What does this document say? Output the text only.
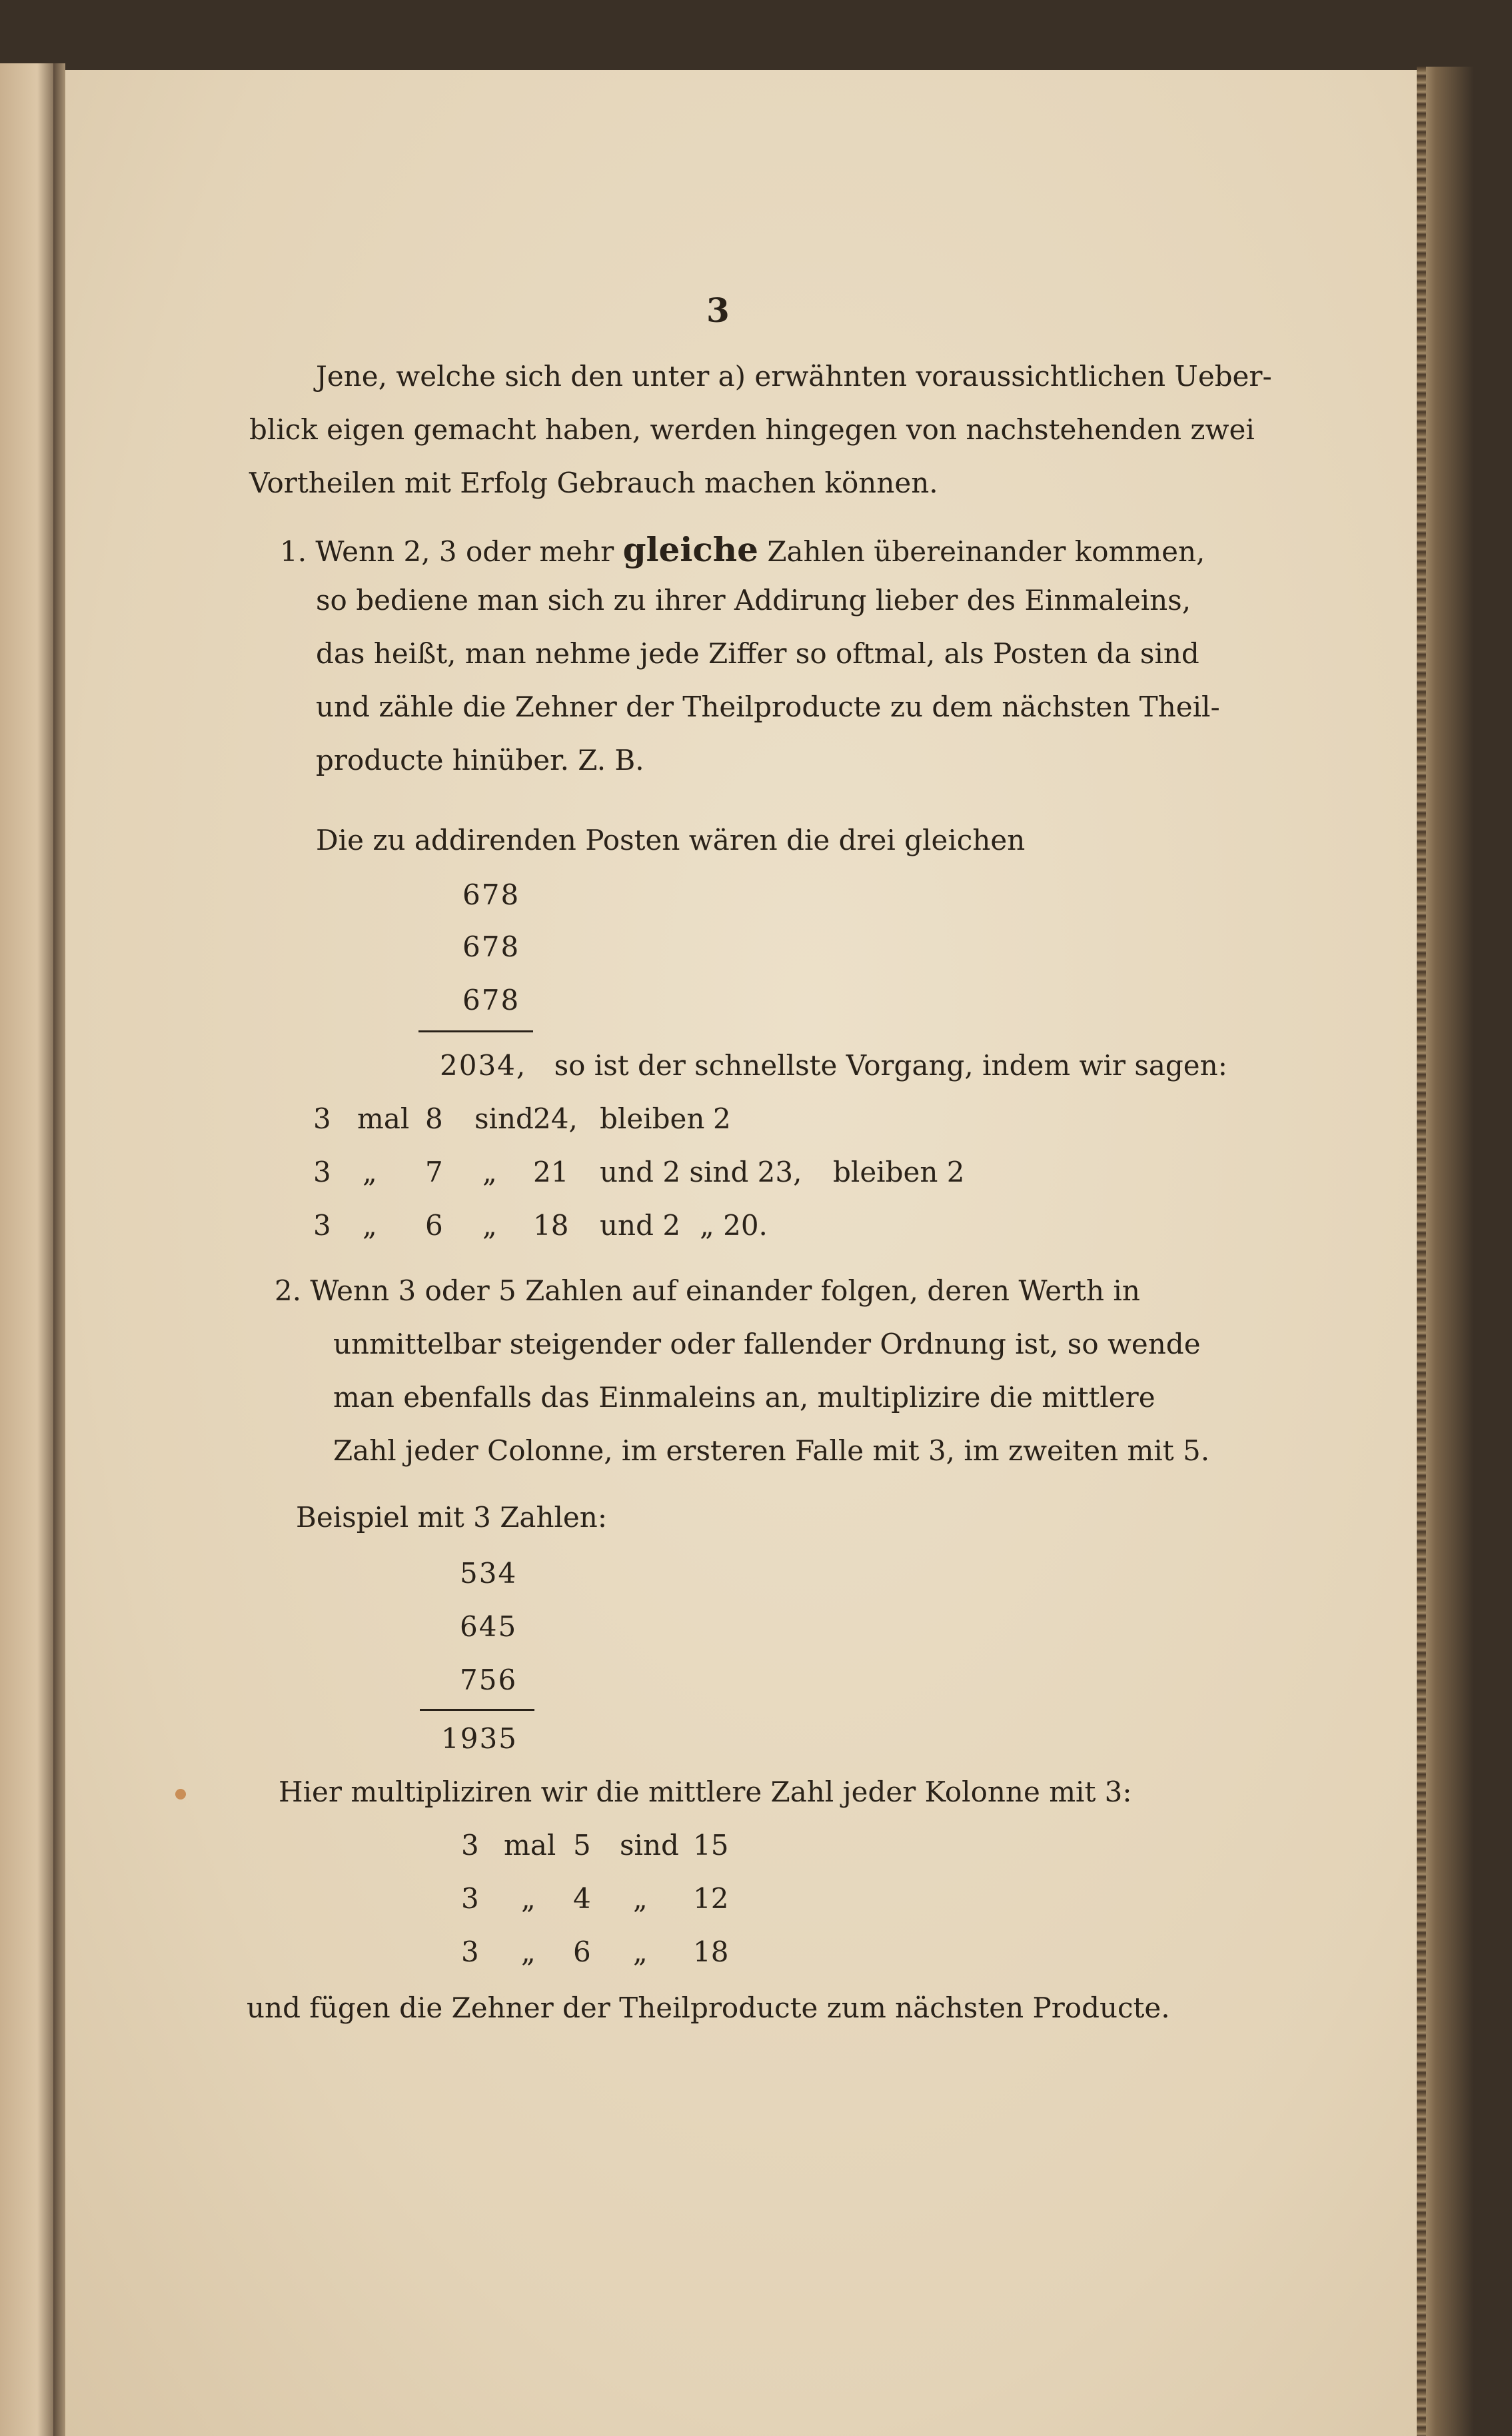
3
Jene, welche sich den unter a) erwähnten voraussichtlichen Ueber-
blick eigen gemacht haben, werden hingegen von nachstehenden zwei
Vortheilen mit Erfolg Gebrauch machen können.
1. Wenn 2, 3 oder mehr gleiche Zahlen übereinander kommen,
so bediene man sich zu ihrer Addirung lieber des Einmaleins,
das heißt, man nehme jede Ziffer so oftmal, als Posten da sind
und zähle die Zehner der Theilproducte zu dem nächsten Theil-
producte hinüber. Z. B.
Die zu addirenden Posten wären die drei gleichen
678
678
678
2034, so ist der schnellste Vorgang, indem wir sagen:
3 mal 8 sind 24, bleiben 2
3 „ 7 „ 21 und 2 sind 23, bleiben 2
3 „ 6 „ 18 und 2 „ 20.
2. Wenn 3 oder 5 Zahlen auf einander folgen, deren Werth in
unmittelbar steigender oder fallender Ordnung ist, so wende
man ebenfalls das Einmaleins an, multiplizire die mittlere
Zahl jeder Colonne, im ersteren Falle mit 3, im zweiten mit 5.
Beispiel mit 3 Zahlen:
534
645
756
1935
Hier multipliziren wir die mittlere Zahl jeder Kolonne mit 3:
3 mal 5 sind 15
3 „ 4 „ 12
3 „ 6 „ 18
und fügen die Zehner der Theilproducte zum nächsten Producte.
